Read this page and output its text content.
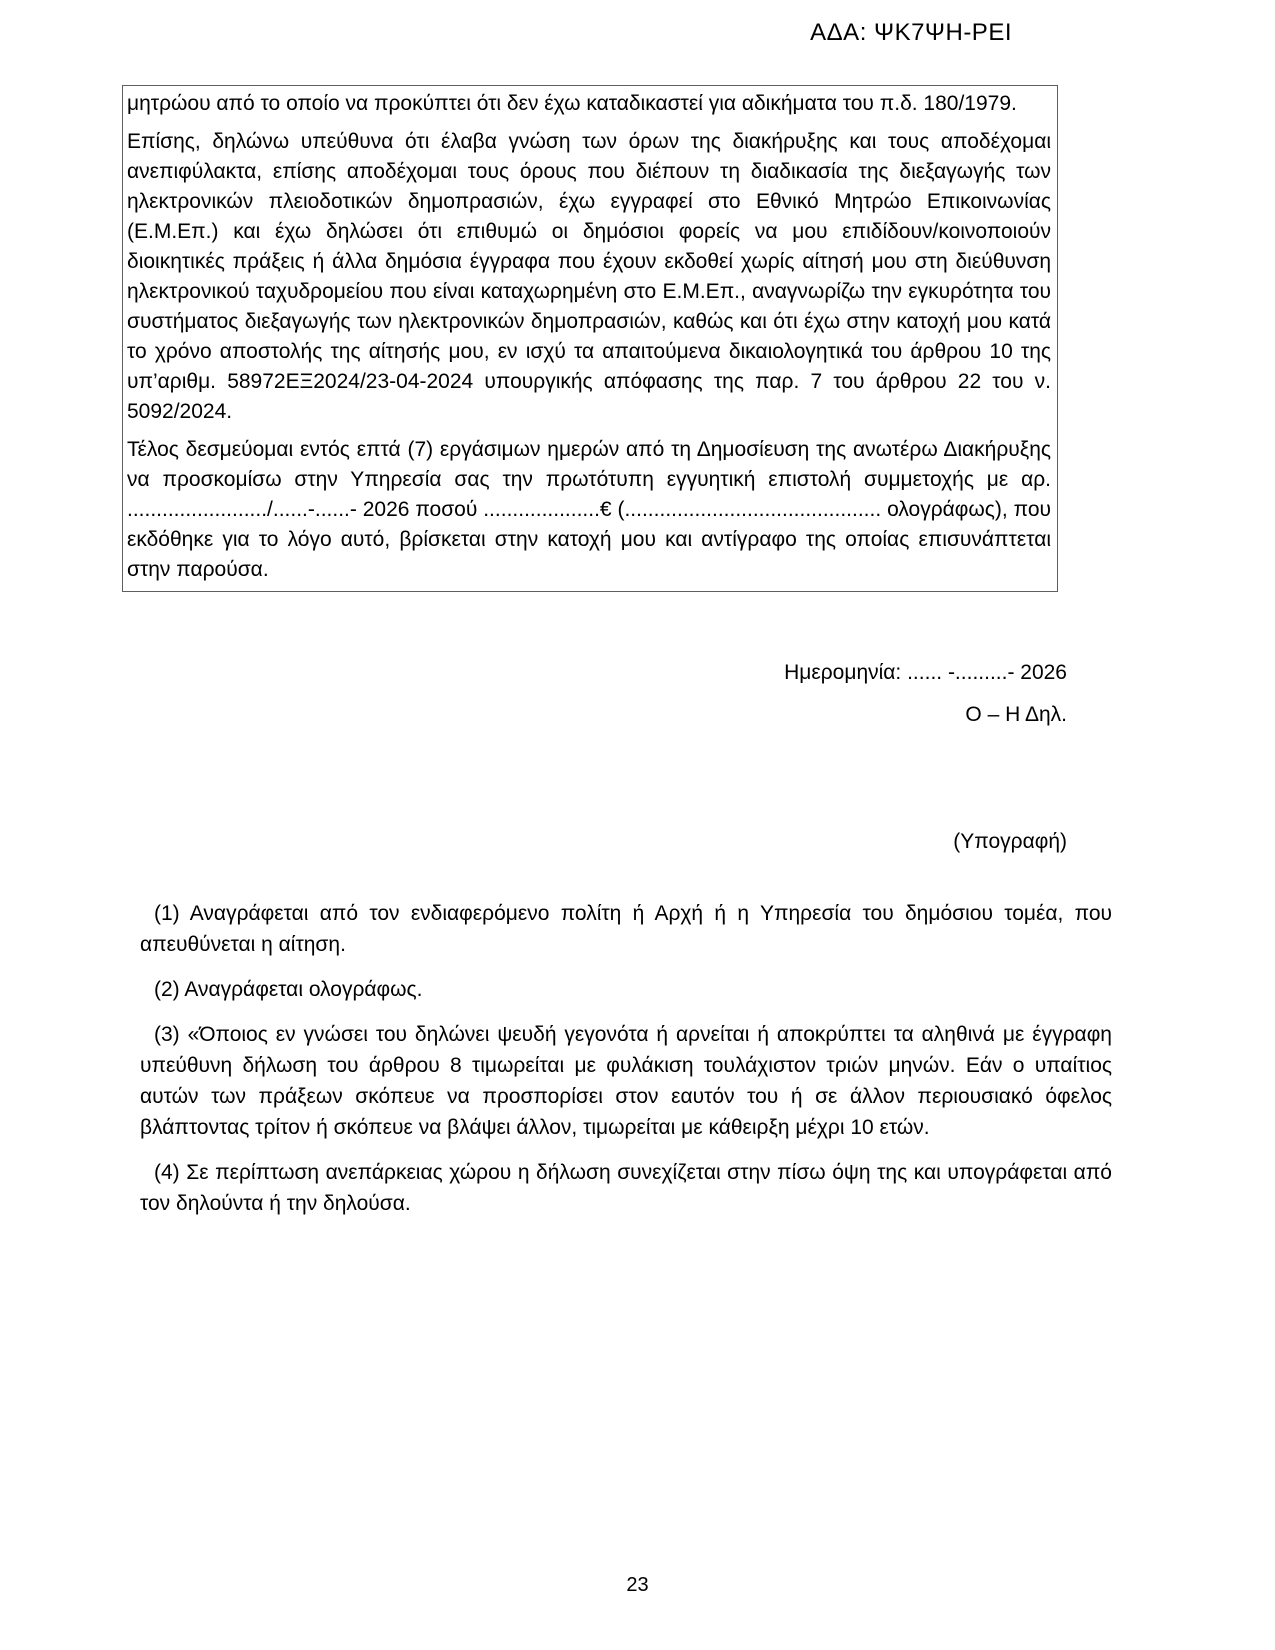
ΑΔΑ: ΨΚ7ΨΗ-ΡΕΙ

μητρώου από το οποίο να προκύπτει ότι δεν έχω καταδικαστεί για αδικήματα του π.δ. 180/1979.

Επίσης, δηλώνω υπεύθυνα ότι έλαβα γνώση των όρων της διακήρυξης και τους αποδέχομαι ανεπιφύλακτα, επίσης αποδέχομαι τους όρους που διέπουν τη διαδικασία της διεξαγωγής των ηλεκτρονικών πλειοδοτικών δημοπρασιών, έχω εγγραφεί στο Εθνικό Μητρώο Επικοινωνίας (Ε.Μ.Επ.) και έχω δηλώσει ότι επιθυμώ οι δημόσιοι φορείς να μου επιδίδουν/κοινοποιούν διοικητικές πράξεις ή άλλα δημόσια έγγραφα που έχουν εκδοθεί χωρίς αίτησή μου στη διεύθυνση ηλεκτρονικού ταχυδρομείου που είναι καταχωρημένη στο Ε.Μ.Επ., αναγνωρίζω την εγκυρότητα του συστήματος διεξαγωγής των ηλεκτρονικών δημοπρασιών, καθώς και ότι έχω στην κατοχή μου κατά το χρόνο αποστολής της αίτησής μου, εν ισχύ τα απαιτούμενα δικαιολογητικά του άρθρου 10 της υπ’αριθμ. 58972ΕΞ2024/23-04-2024 υπουργικής απόφασης της παρ. 7 του άρθρου 22 του ν. 5092/2024.

Τέλος δεσμεύομαι εντός επτά (7) εργάσιμων ημερών από τη Δημοσίευση της ανωτέρω Διακήρυξης να προσκομίσω στην Υπηρεσία σας την πρωτότυπη εγγυητική επιστολή συμμετοχής με αρ. ......................../......-......- 2026 ποσού ....................€ (............................................ ολογράφως), που εκδόθηκε για το λόγο αυτό, βρίσκεται στην κατοχή μου και αντίγραφο της οποίας επισυνάπτεται στην παρούσα.

Ημερομηνία: ...... -.........- 2026

Ο – Η Δηλ.

(Υπογραφή)

(1) Αναγράφεται από τον ενδιαφερόμενο πολίτη ή Αρχή ή η Υπηρεσία του δημόσιου τομέα, που απευθύνεται η αίτηση.

(2) Αναγράφεται ολογράφως.

(3) «Όποιος εν γνώσει του δηλώνει ψευδή γεγονότα ή αρνείται ή αποκρύπτει τα αληθινά με έγγραφη υπεύθυνη δήλωση του άρθρου 8 τιμωρείται με φυλάκιση τουλάχιστον τριών μηνών. Εάν ο υπαίτιος αυτών των πράξεων σκόπευε να προσπορίσει στον εαυτόν του ή σε άλλον περιουσιακό όφελος βλάπτοντας τρίτον ή σκόπευε να βλάψει άλλον, τιμωρείται με κάθειρξη μέχρι 10 ετών.

(4) Σε περίπτωση ανεπάρκειας χώρου η δήλωση συνεχίζεται στην πίσω όψη της και υπογράφεται από τον δηλούντα ή την δηλούσα.

23
